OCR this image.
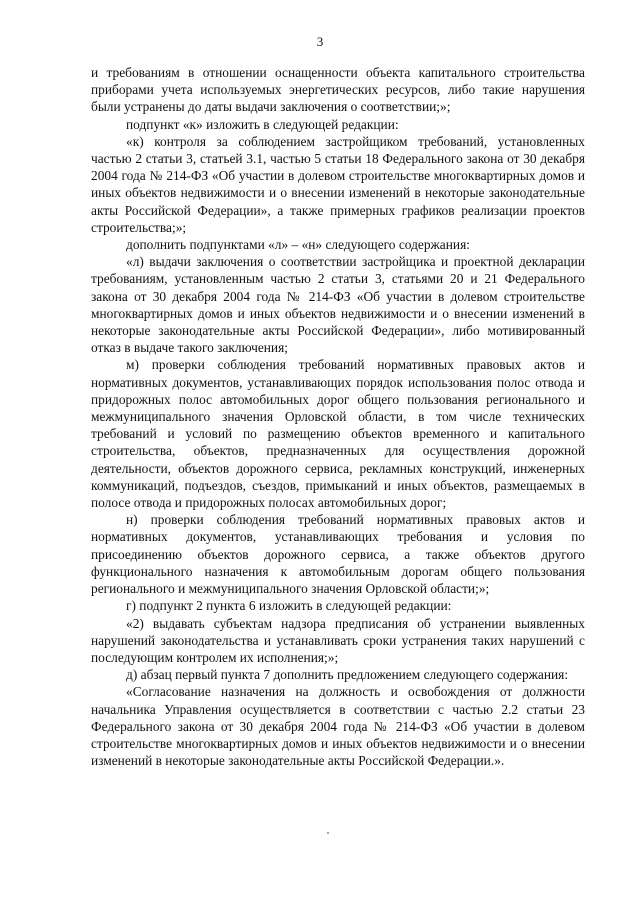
3

и требованиям в отношении оснащенности объекта капитального строительства приборами учета используемых энергетических ресурсов, либо такие нарушения были устранены до даты выдачи заключения о соответствии;»;

подпункт «к» изложить в следующей редакции:

«к) контроля за соблюдением застройщиком требований, установленных частью 2 статьи 3, статьей 3.1, частью 5 статьи 18 Федерального закона от 30 декабря 2004 года № 214-ФЗ «Об участии в долевом строительстве многоквартирных домов и иных объектов недвижимости и о внесении изменений в некоторые законодательные акты Российской Федерации», а также примерных графиков реализации проектов строительства;»;

дополнить подпунктами «л» – «н» следующего содержания:

«л) выдачи заключения о соответствии застройщика и проектной декларации требованиям, установленным частью 2 статьи 3, статьями 20 и 21 Федерального закона от 30 декабря 2004 года № 214-ФЗ «Об участии в долевом строительстве многоквартирных домов и иных объектов недвижимости и о внесении изменений в некоторые законодательные акты Российской Федерации», либо мотивированный отказ в выдаче такого заключения;

м) проверки соблюдения требований нормативных правовых актов и нормативных документов, устанавливающих порядок использования полос отвода и придорожных полос автомобильных дорог общего пользования регионального и межмуниципального значения Орловской области, в том числе технических требований и условий по размещению объектов временного и капитального строительства, объектов, предназначенных для осуществления дорожной деятельности, объектов дорожного сервиса, рекламных конструкций, инженерных коммуникаций, подъездов, съездов, примыканий и иных объектов, размещаемых в полосе отвода и придорожных полосах автомобильных дорог;

н) проверки соблюдения требований нормативных правовых актов и нормативных документов, устанавливающих требования и условия по присоединению объектов дорожного сервиса, а также объектов другого функционального назначения к автомобильным дорогам общего пользования регионального и межмуниципального значения Орловской области;»;

г) подпункт 2 пункта 6 изложить в следующей редакции:

«2) выдавать субъектам надзора предписания об устранении выявленных нарушений законодательства и устанавливать сроки устранения таких нарушений с последующим контролем их исполнения;»;

д) абзац первый пункта 7 дополнить предложением следующего содержания:

«Согласование назначения на должность и освобождения от должности начальника Управления осуществляется в соответствии с частью 2.2 статьи 23 Федерального закона от 30 декабря 2004 года № 214-ФЗ «Об участии в долевом строительстве многоквартирных домов и иных объектов недвижимости и о внесении изменений в некоторые законодательные акты Российской Федерации.».
